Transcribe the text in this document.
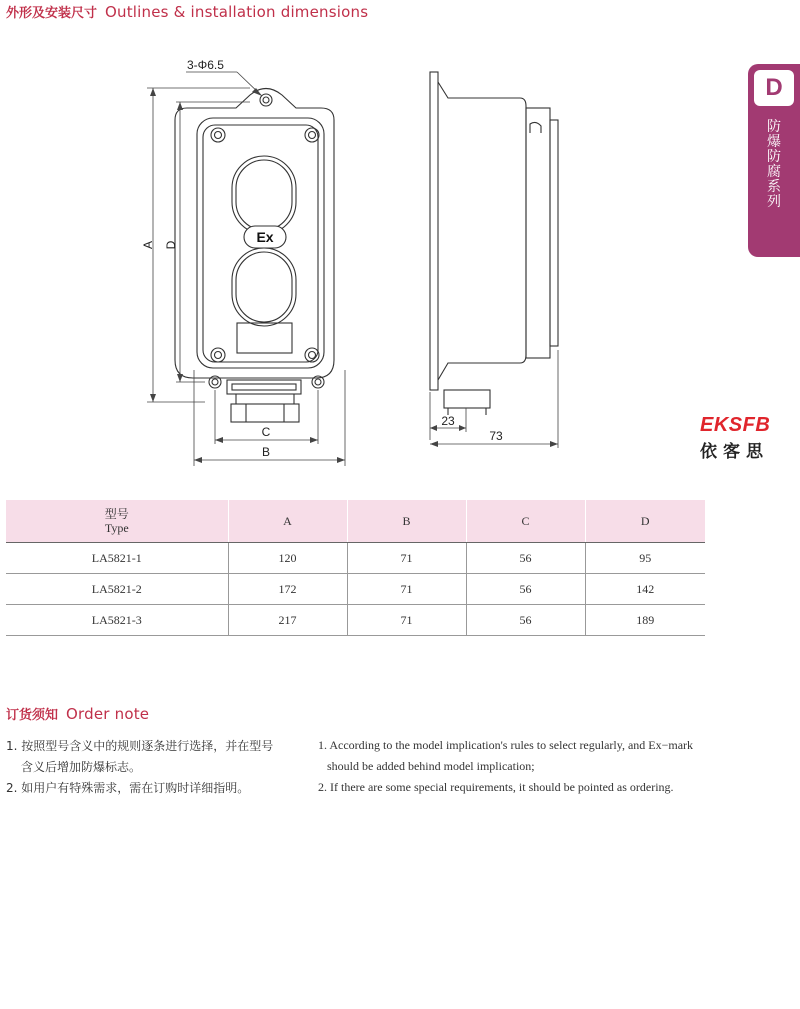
外形及安装尺寸 Outlines & installation dimensions
3-Φ6.5
Ex
A D
C
B
23
73
D
防
爆
防
腐
系
列
EKSFB
依客思
型号
Type	A	B	C	D
LA5821-1	120	71	56	95
LA5821-2	172	71	56	142
LA5821-3	217	71	56	189
订货须知 Order note
1. 按照型号含义中的规则逐条进行选择，并在型号
含义后增加防爆标志。
2. 如用户有特殊需求，需在订购时详细指明。
1. According to the model implication's rules to select regularly, and Ex−mark
should be added behind model implication;
2. If there are some special requirements, it should be pointed as ordering.
